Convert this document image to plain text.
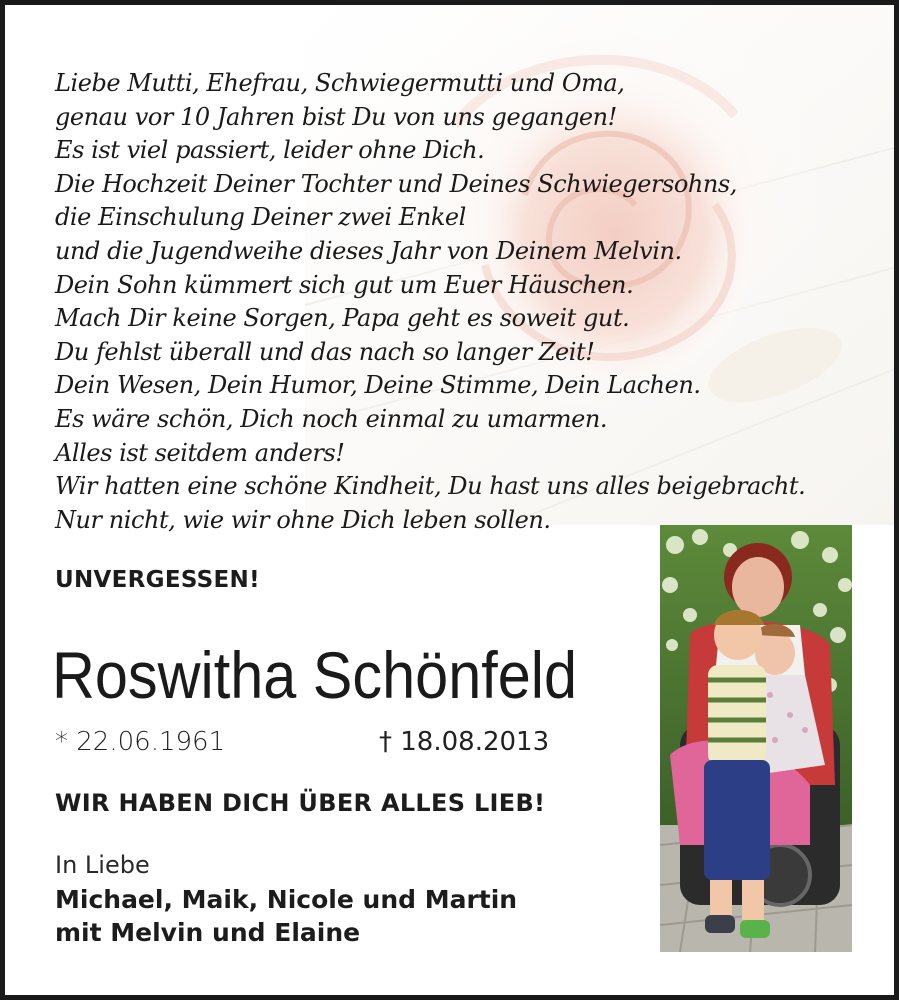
Liebe Mutti, Ehefrau, Schwiegermutti und Oma,
genau vor 10 Jahren bist Du von uns gegangen!
Es ist viel passiert, leider ohne Dich.
Die Hochzeit Deiner Tochter und Deines Schwiegersohns,
die Einschulung Deiner zwei Enkel
und die Jugendweihe dieses Jahr von Deinem Melvin.
Dein Sohn kümmert sich gut um Euer Häuschen.
Mach Dir keine Sorgen, Papa geht es soweit gut.
Du fehlst überall und das nach so langer Zeit!
Dein Wesen, Dein Humor, Deine Stimme, Dein Lachen.
Es wäre schön, Dich noch einmal zu umarmen.
Alles ist seitdem anders!
Wir hatten eine schöne Kindheit, Du hast uns alles beigebracht.
Nur nicht, wie wir ohne Dich leben sollen.
UNVERGESSEN!
Roswitha Schönfeld
* 22.06.1961	† 18.08.2013
WIR HABEN DICH ÜBER ALLES LIEB!
In Liebe
Michael, Maik, Nicole und Martin
mit Melvin und Elaine
